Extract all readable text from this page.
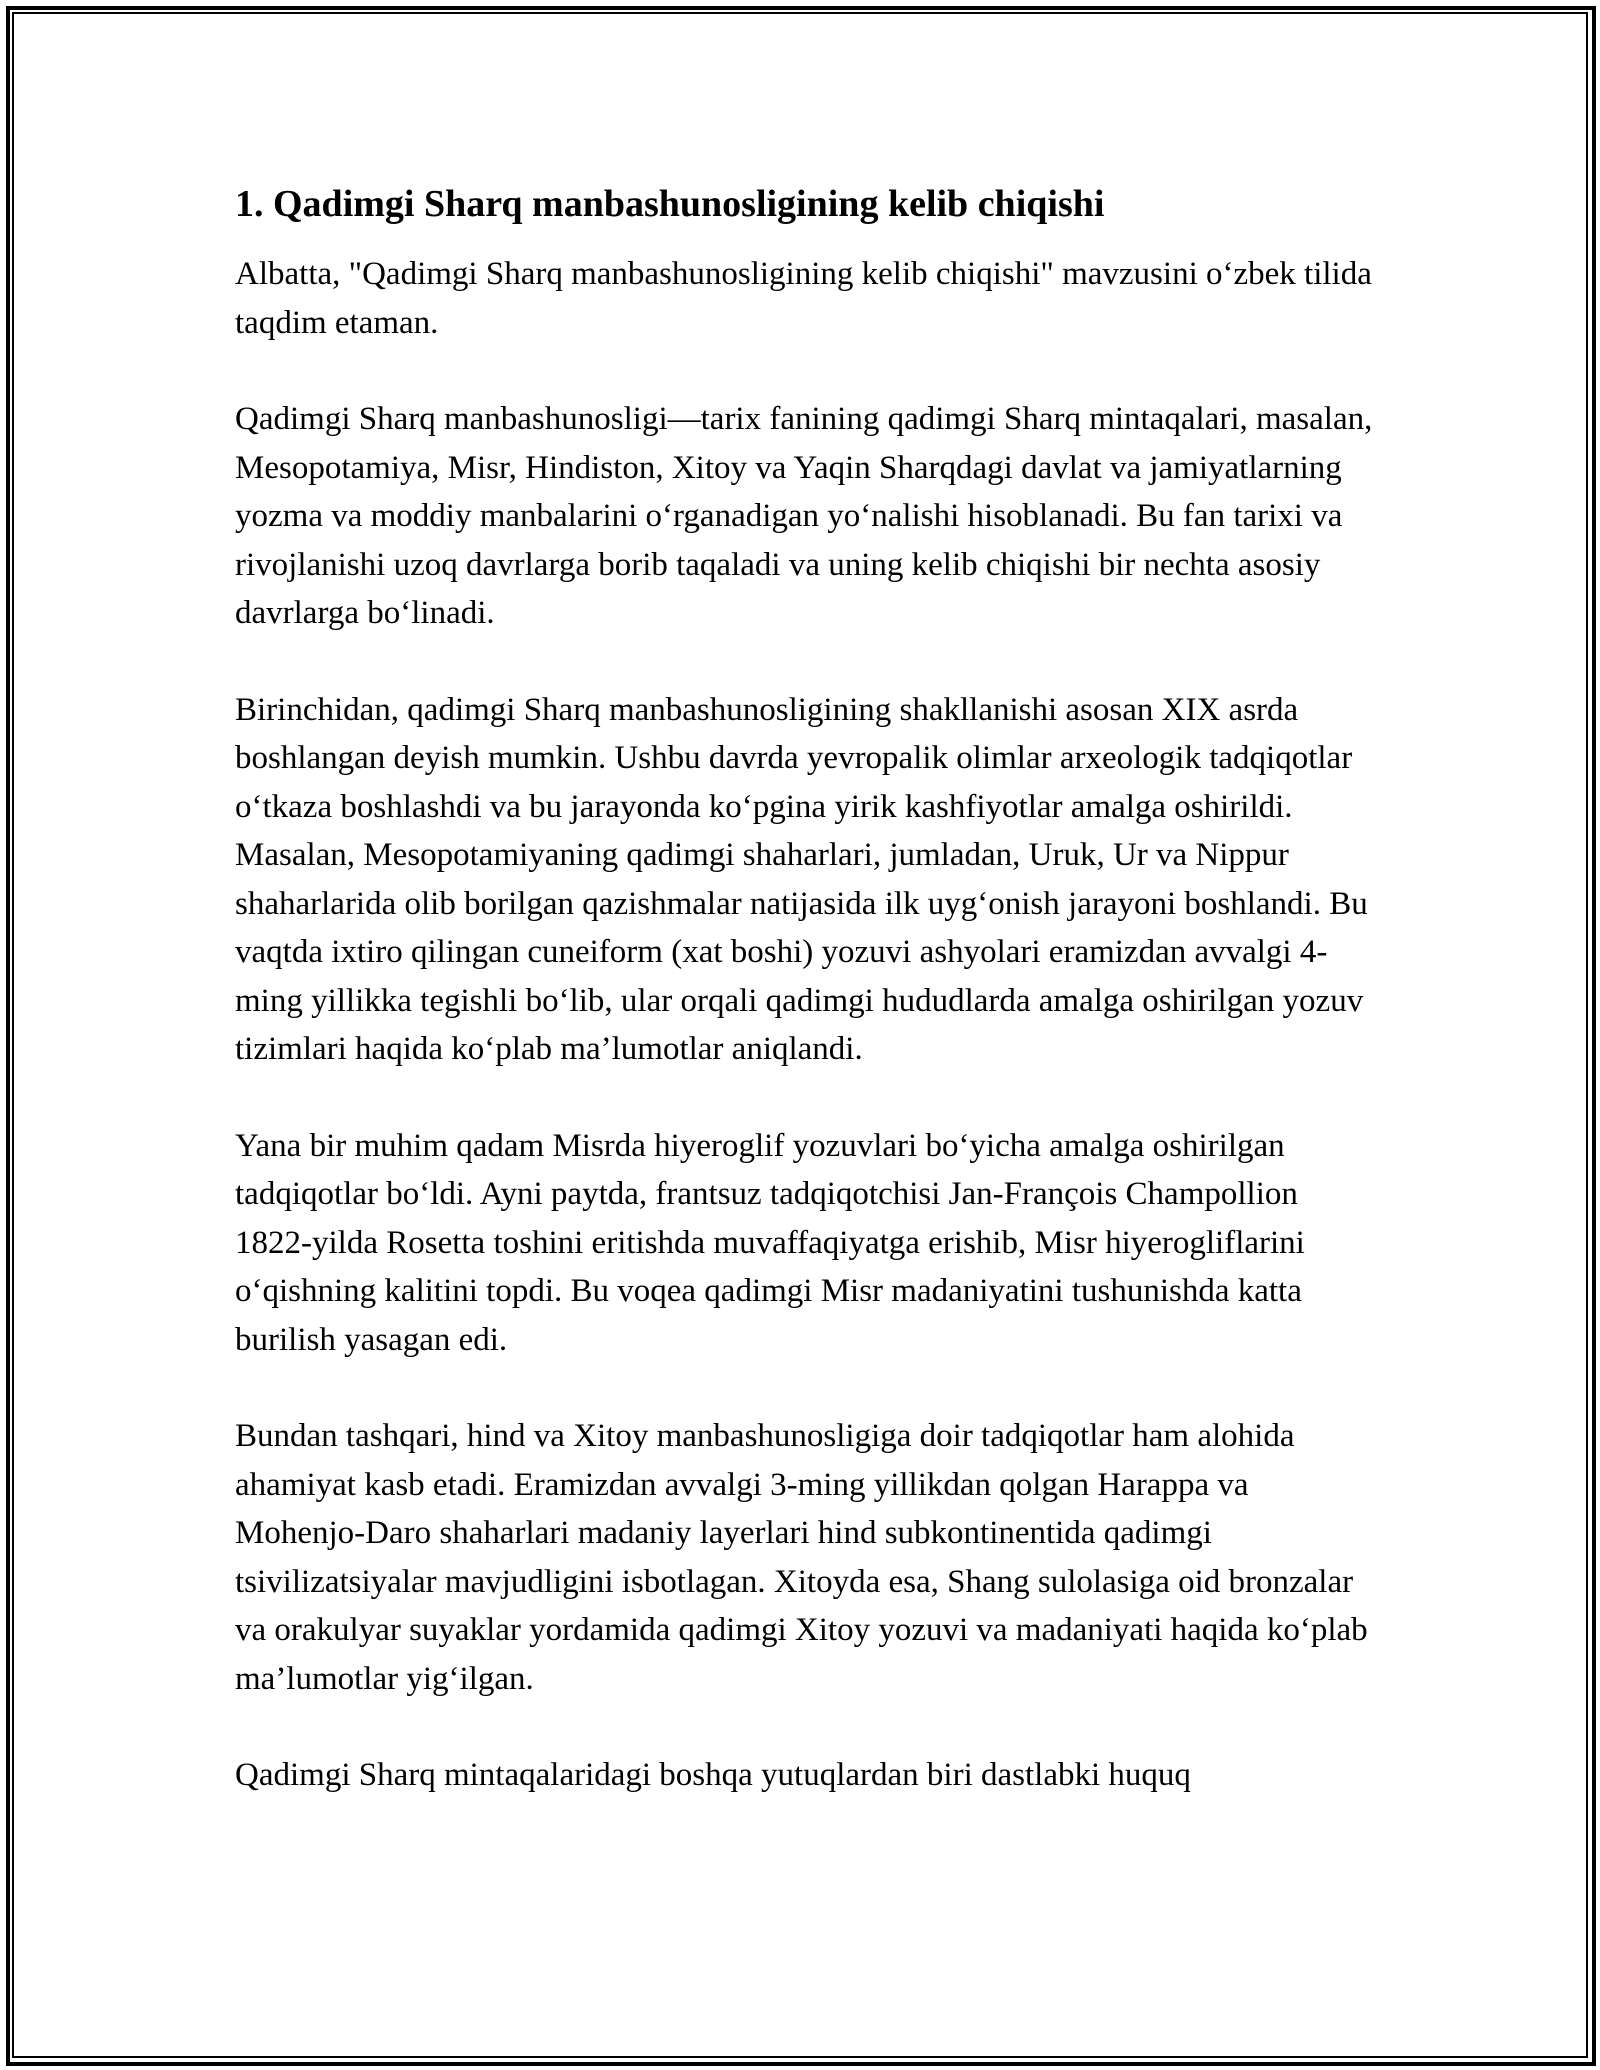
1. Qadimgi Sharq manbashunosligining kelib chiqishi

Albatta, "Qadimgi Sharq manbashunosligining kelib chiqishi" mavzusini o‘zbek tilida taqdim etaman.

Qadimgi Sharq manbashunosligi—tarix fanining qadimgi Sharq mintaqalari, masalan, Mesopotamiya, Misr, Hindiston, Xitoy va Yaqin Sharqdagi davlat va jamiyatlarning yozma va moddiy manbalarini o‘rganadigan yo‘nalishi hisoblanadi. Bu fan tarixi va rivojlanishi uzoq davrlarga borib taqaladi va uning kelib chiqishi bir nechta asosiy davrlarga bo‘linadi.

Birinchidan, qadimgi Sharq manbashunosligining shakllanishi asosan XIX asrda boshlangan deyish mumkin. Ushbu davrda yevropalik olimlar arxeologik tadqiqotlar o‘tkaza boshlashdi va bu jarayonda ko‘pgina yirik kashfiyotlar amalga oshirildi. Masalan, Mesopotamiyaning qadimgi shaharlari, jumladan, Uruk, Ur va Nippur shaharlarida olib borilgan qazishmalar natijasida ilk uyg‘onish jarayoni boshlandi. Bu vaqtda ixtiro qilingan cuneiform (xat boshi) yozuvi ashyolari eramizdan avvalgi 4-ming yillikka tegishli bo‘lib, ular orqali qadimgi hududlarda amalga oshirilgan yozuv tizimlari haqida ko‘plab ma’lumotlar aniqlandi.

Yana bir muhim qadam Misrda hiyeroglif yozuvlari bo‘yicha amalga oshirilgan tadqiqotlar bo‘ldi. Ayni paytda, frantsuz tadqiqotchisi Jan-François Champollion 1822-yilda Rosetta toshini eritishda muvaffaqiyatga erishib, Misr hiyerogliflarini o‘qishning kalitini topdi. Bu voqea qadimgi Misr madaniyatini tushunishda katta burilish yasagan edi.

Bundan tashqari, hind va Xitoy manbashunosligiga doir tadqiqotlar ham alohida ahamiyat kasb etadi. Eramizdan avvalgi 3-ming yillikdan qolgan Harappa va Mohenjo-Daro shaharlari madaniy layerlari hind subkontinentida qadimgi tsivilizatsiyalar mavjudligini isbotlagan. Xitoyda esa, Shang sulolasiga oid bronzalar va orakulyar suyaklar yordamida qadimgi Xitoy yozuvi va madaniyati haqida ko‘plab ma’lumotlar yig‘ilgan.

Qadimgi Sharq mintaqalaridagi boshqa yutuqlardan biri dastlabki huquq
